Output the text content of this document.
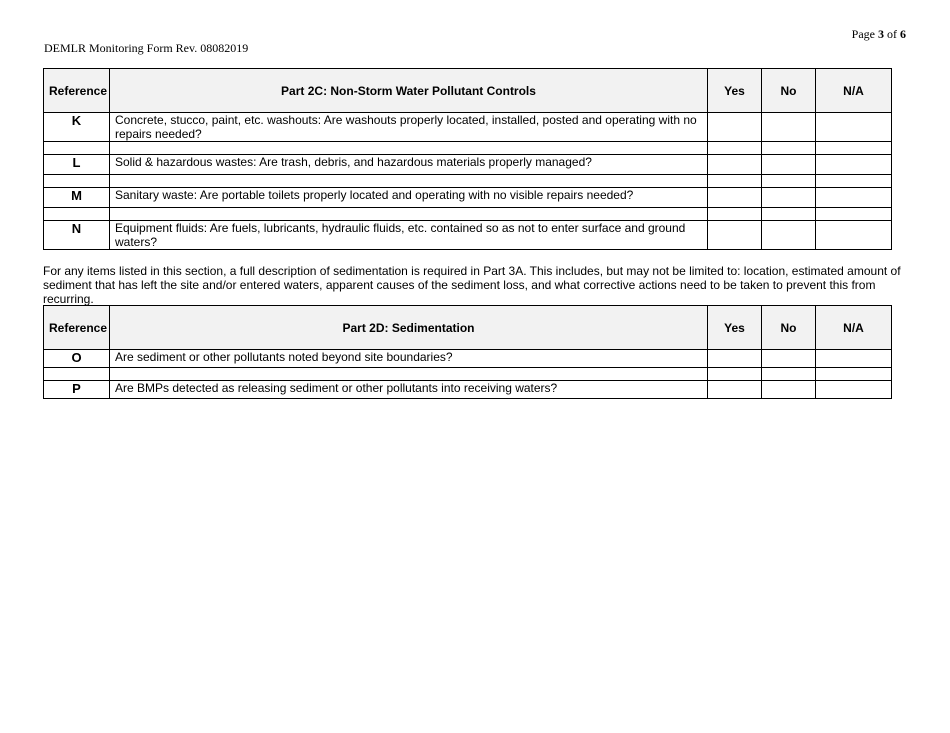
Page 3 of 6
DEMLR Monitoring Form Rev. 08082019
Reference	Part 2C: Non-Storm Water Pollutant Controls	Yes	No	N/A
K	Concrete, stucco, paint, etc. washouts: Are washouts properly located, installed, posted and operating with no repairs needed?			

L	Solid & hazardous wastes: Are trash, debris, and hazardous materials properly managed?			

M	Sanitary waste: Are portable toilets properly located and operating with no visible repairs needed?			

N	Equipment fluids: Are fuels, lubricants, hydraulic fluids, etc. contained so as not to enter surface and ground waters?			
For any items listed in this section, a full description of sedimentation is required in Part 3A. This includes, but may not be limited to: location, estimated amount of sediment that has left the site and/or entered waters, apparent causes of the sediment loss, and what corrective actions need to be taken to prevent this from recurring.
Reference	Part 2D: Sedimentation	Yes	No	N/A
O	Are sediment or other pollutants noted beyond site boundaries?			

P	Are BMPs detected as releasing sediment or other pollutants into receiving waters?			
